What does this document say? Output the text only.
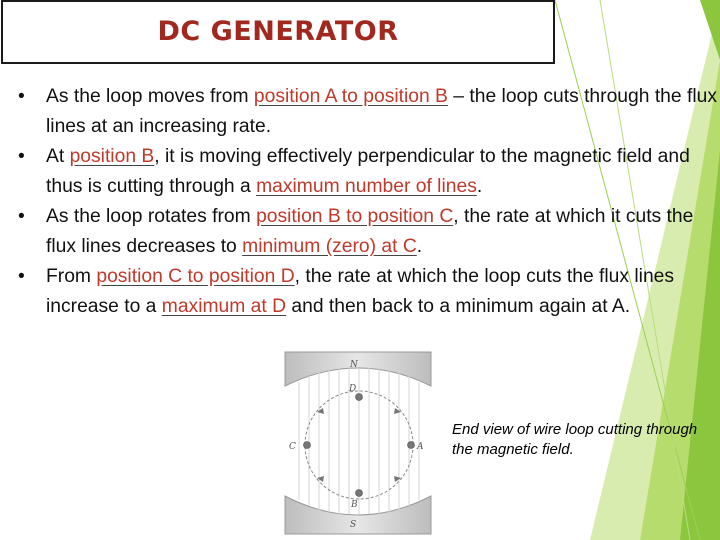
DC GENERATOR
• As the loop moves from position A to position B – the loop cuts through the flux lines at an increasing rate.
• At position B, it is moving effectively perpendicular to the magnetic field and thus is cutting through a maximum number of lines.
• As the loop rotates from position B to position C, the rate at which it cuts the flux lines decreases to minimum (zero) at C.
• From position C to position D, the rate at which the loop cuts the flux lines increase to a maximum at D and then back to a minimum again at A.
N
S
D
B
C	A
End view of wire loop cutting through the magnetic field.
